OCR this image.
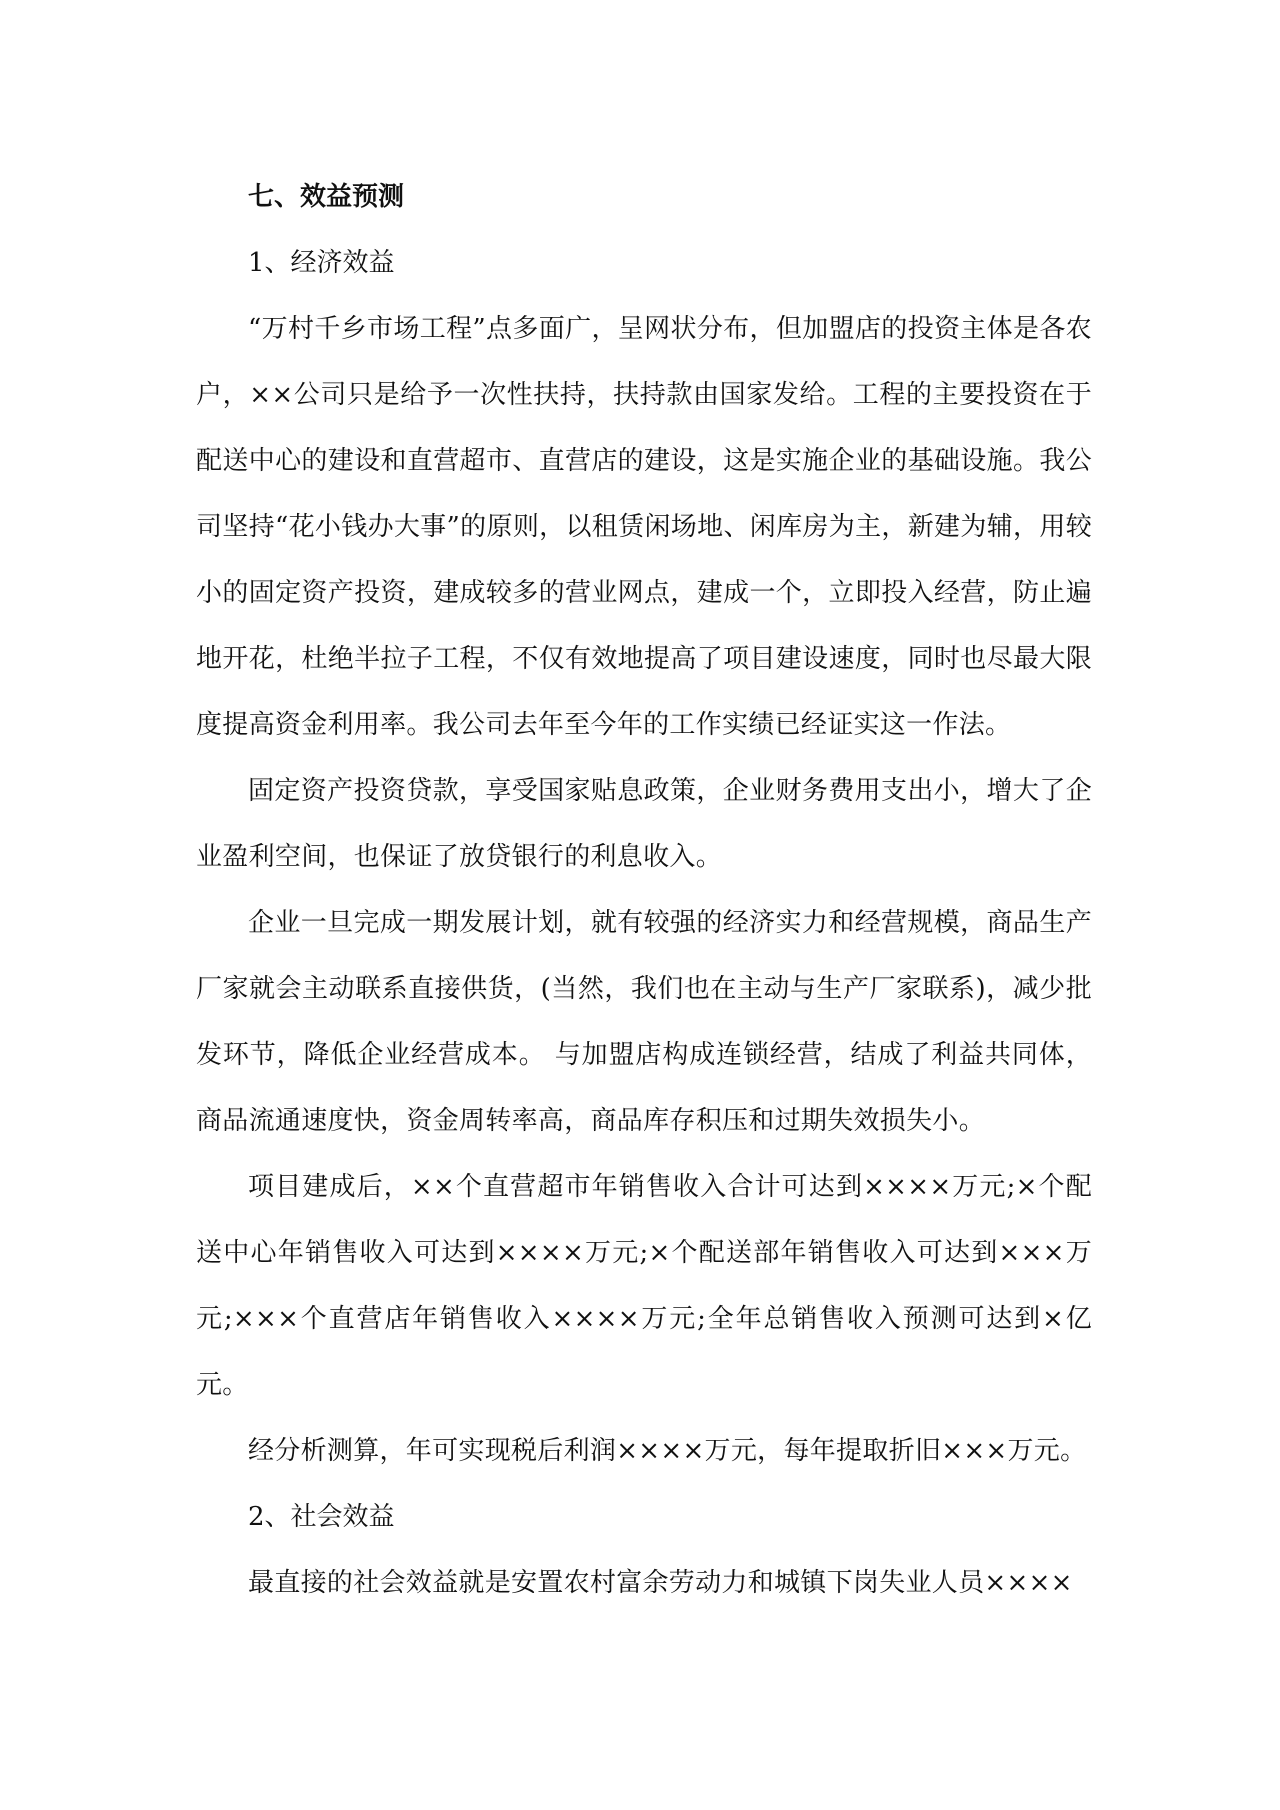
七、效益预测
1、经济效益

“万村千乡市场工程”点多面广，呈网状分布，但加盟店的投资主体是各农户，××公司只是给予一次性扶持，扶持款由国家发给。工程的主要投资在于配送中心的建设和直营超市、直营店的建设，这是实施企业的基础设施。我公司坚持“花小钱办大事”的原则，以租赁闲场地、闲库房为主，新建为辅，用较小的固定资产投资，建成较多的营业网点，建成一个，立即投入经营，防止遍地开花，杜绝半拉子工程，不仅有效地提高了项目建设速度，同时也尽最大限度提高资金利用率。我公司去年至今年的工作实绩已经证实这一作法。

固定资产投资贷款，享受国家贴息政策，企业财务费用支出小，增大了企业盈利空间，也保证了放贷银行的利息收入。

企业一旦完成一期发展计划，就有较强的经济实力和经营规模，商品生产厂家就会主动联系直接供货，(当然，我们也在主动与生产厂家联系)，减少批发环节，降低企业经营成本。 与加盟店构成连锁经营，结成了利益共同体，商品流通速度快，资金周转率高，商品库存积压和过期失效损失小。

项目建成后，××个直营超市年销售收入合计可达到××××万元;×个配送中心年销售收入可达到××××万元;×个配送部年销售收入可达到×××万元;×××个直营店年销售收入××××万元;全年总销售收入预测可达到×亿元。

经分析测算，年可实现税后利润××××万元，每年提取折旧×××万元。

2、社会效益

最直接的社会效益就是安置农村富余劳动力和城镇下岗失业人员××××
